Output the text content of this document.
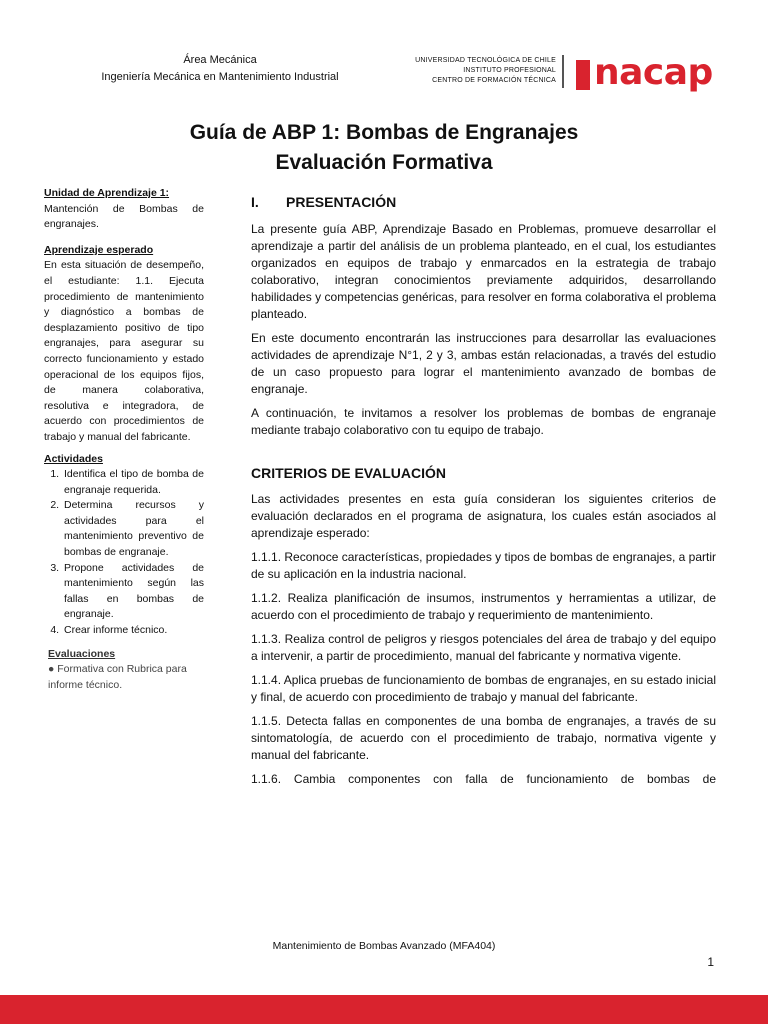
Área Mecánica
Ingeniería Mecánica en Mantenimiento Industrial
UNIVERSIDAD TECNOLÓGICA DE CHILE
INSTITUTO PROFESIONAL
CENTRO DE FORMACIÓN TÉCNICA nacap
Guía de ABP 1: Bombas de Engranajes
Evaluación Formativa
Unidad de Aprendizaje 1:

Mantención de Bombas de engranajes.

Aprendizaje esperado

En esta situación de desempeño, el estudiante: 1.1. Ejecuta procedimiento de mantenimiento y diagnóstico a bombas de desplazamiento positivo de tipo engranajes, para asegurar su correcto funcionamiento y estado operacional de los equipos fijos, de manera colaborativa, resolutiva e integradora, de acuerdo con procedimientos de trabajo y manual del fabricante.

Actividades
1. Identifica el tipo de bomba de engranaje requerida.
2. Determina recursos y actividades para el mantenimiento preventivo de bombas de engranaje.
3. Propone actividades de mantenimiento según las fallas en bombas de engranaje.
4. Crear informe técnico.
Evaluaciones

● Formativa con Rubrica para informe técnico.

I. PRESENTACIÓN

La presente guía ABP, Aprendizaje Basado en Problemas, promueve desarrollar el aprendizaje a partir del análisis de un problema planteado, en el cual, los estudiantes organizados en equipos de trabajo y enmarcados en la estrategia de trabajo colaborativo, integran conocimientos previamente adquiridos, desarrollando habilidades y competencias genéricas, para resolver en forma colaborativa el problema planteado.

En este documento encontrarán las instrucciones para desarrollar las evaluaciones actividades de aprendizaje N°1, 2 y 3, ambas están relacionadas, a través del estudio de un caso propuesto para lograr el mantenimiento avanzado de bombas de engranaje.

A continuación, te invitamos a resolver los problemas de bombas de engranaje mediante trabajo colaborativo con tu equipo de trabajo.

CRITERIOS DE EVALUACIÓN

Las actividades presentes en esta guía consideran los siguientes criterios de evaluación declarados en el programa de asignatura, los cuales están asociados al aprendizaje esperado:

1.1.1. Reconoce características, propiedades y tipos de bombas de engranajes, a partir de su aplicación en la industria nacional.

1.1.2. Realiza planificación de insumos, instrumentos y herramientas a utilizar, de acuerdo con el procedimiento de trabajo y requerimiento de mantenimiento.

1.1.3. Realiza control de peligros y riesgos potenciales del área de trabajo y del equipo a intervenir, a partir de procedimiento, manual del fabricante y normativa vigente.

1.1.4. Aplica pruebas de funcionamiento de bombas de engranajes, en su estado inicial y final, de acuerdo con procedimiento de trabajo y manual del fabricante.

1.1.5. Detecta fallas en componentes de una bomba de engranajes, a través de su sintomatología, de acuerdo con el procedimiento de trabajo, normativa vigente y manual del fabricante.

1.1.6. Cambia componentes con falla de funcionamiento de bombas de

Mantenimiento de Bombas Avanzado (MFA404)
1
